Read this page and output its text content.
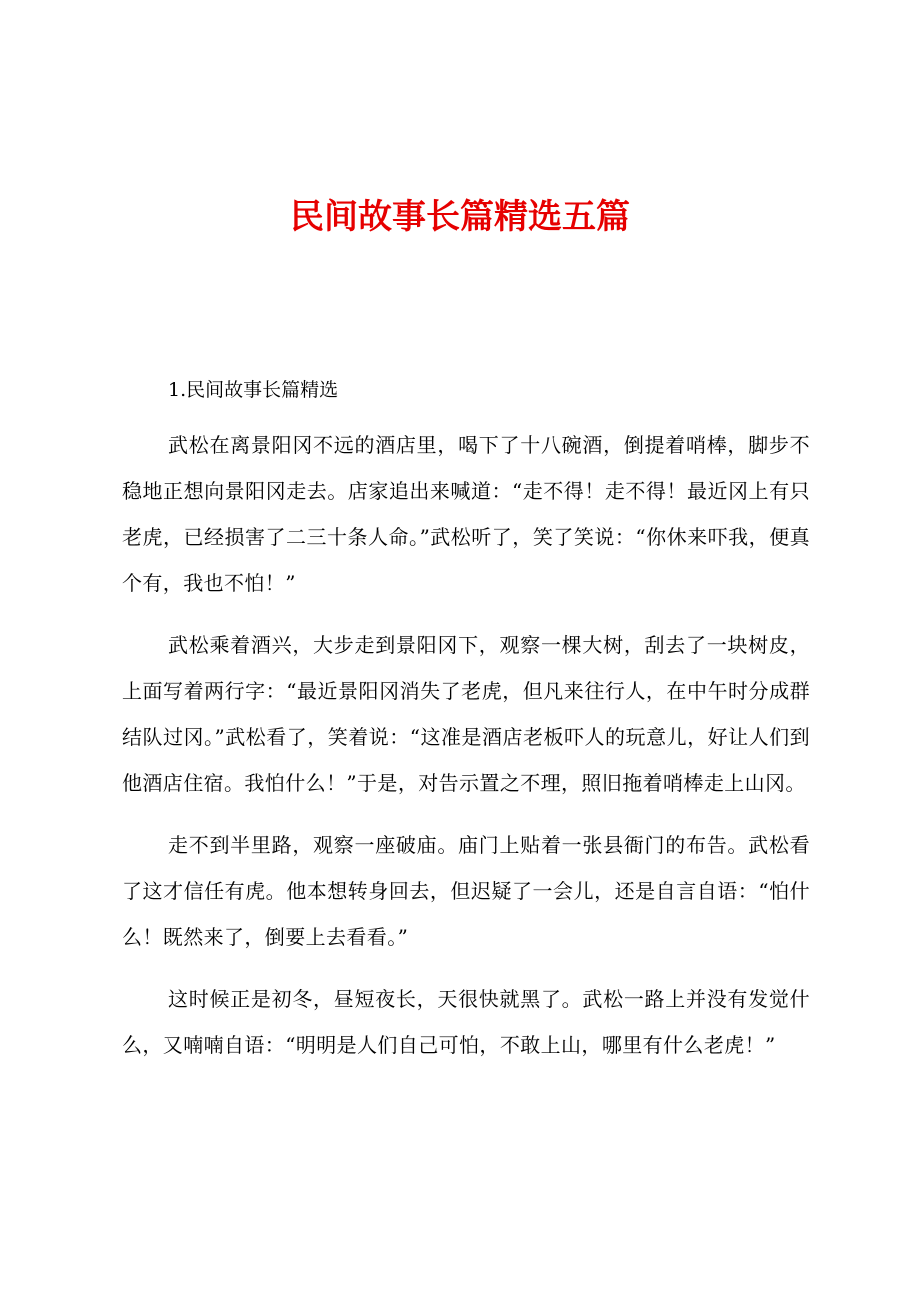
民间故事长篇精选五篇

1.民间故事长篇精选

武松在离景阳冈不远的酒店里，喝下了十八碗酒，倒提着哨棒，脚步不稳地正想向景阳冈走去。店家追出来喊道：“走不得！走不得！最近冈上有只老虎，已经损害了二三十条人命。”武松听了，笑了笑说：“你休来吓我，便真个有，我也不怕！”

武松乘着酒兴，大步走到景阳冈下，观察一棵大树，刮去了一块树皮，上面写着两行字：“最近景阳冈消失了老虎，但凡来往行人，在中午时分成群结队过冈。”武松看了，笑着说：“这准是酒店老板吓人的玩意儿，好让人们到他酒店住宿。我怕什么！”于是，对告示置之不理，照旧拖着哨棒走上山冈。

走不到半里路，观察一座破庙。庙门上贴着一张县衙门的布告。武松看了这才信任有虎。他本想转身回去，但迟疑了一会儿，还是自言自语：“怕什么！既然来了，倒要上去看看。”

这时候正是初冬，昼短夜长，天很快就黑了。武松一路上并没有发觉什么，又喃喃自语：“明明是人们自己可怕，不敢上山，哪里有什么老虎！”
